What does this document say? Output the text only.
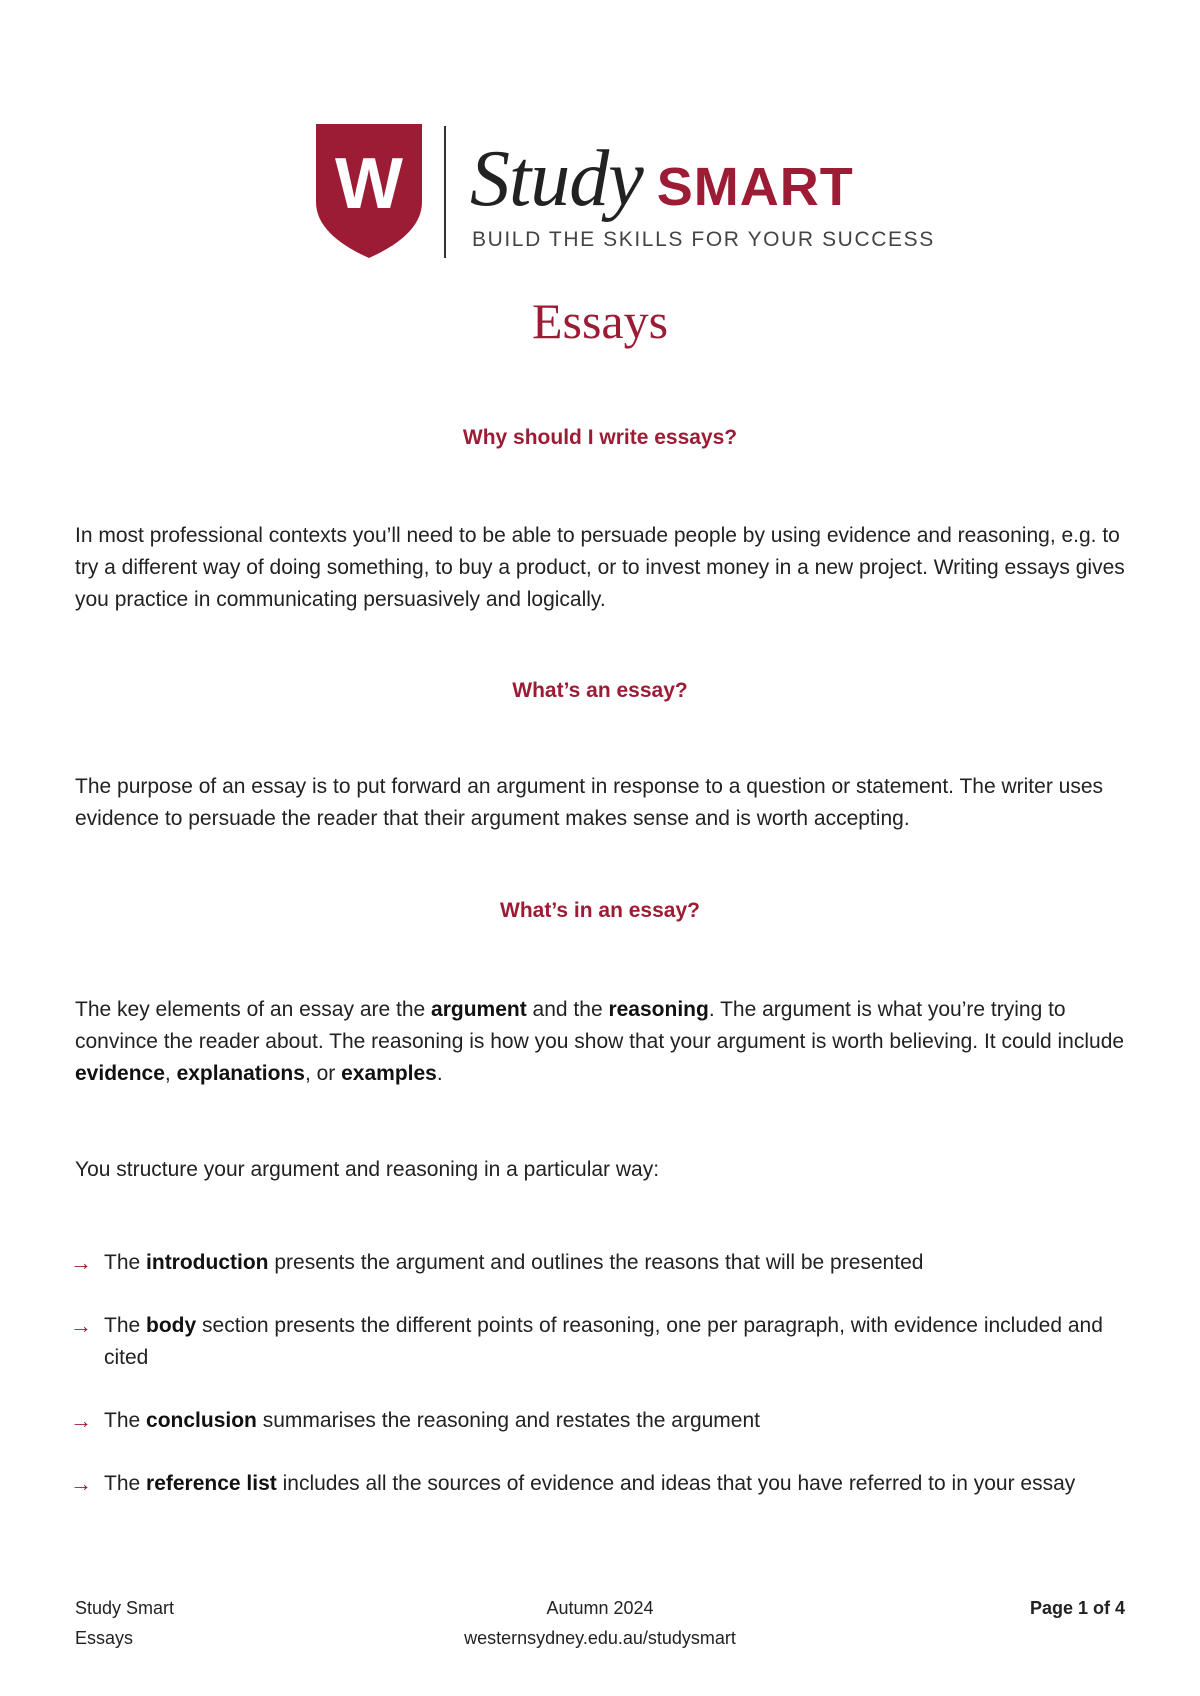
W Study SMART
BUILD THE SKILLS FOR YOUR SUCCESS
Essays
Why should I write essays?

In most professional contexts you’ll need to be able to persuade people by using evidence and reasoning, e.g. to try a different way of doing something, to buy a product, or to invest money in a new project. Writing essays gives you practice in communicating persuasively and logically.

What’s an essay?

The purpose of an essay is to put forward an argument in response to a question or statement. The writer uses evidence to persuade the reader that their argument makes sense and is worth accepting.

What’s in an essay?

The key elements of an essay are the argument and the reasoning. The argument is what you’re trying to convince the reader about. The reasoning is how you show that your argument is worth believing. It could include evidence, explanations, or examples.

You structure your argument and reasoning in a particular way:

→ The introduction presents the argument and outlines the reasons that will be presented
→ The body section presents the different points of reasoning, one per paragraph, with evidence included and cited
→ The conclusion summarises the reasoning and restates the argument
→ The reference list includes all the sources of evidence and ideas that you have referred to in your essay
Study Smart
Essays
Autumn 2024
westernsydney.edu.au/studysmart
Page 1 of 4
